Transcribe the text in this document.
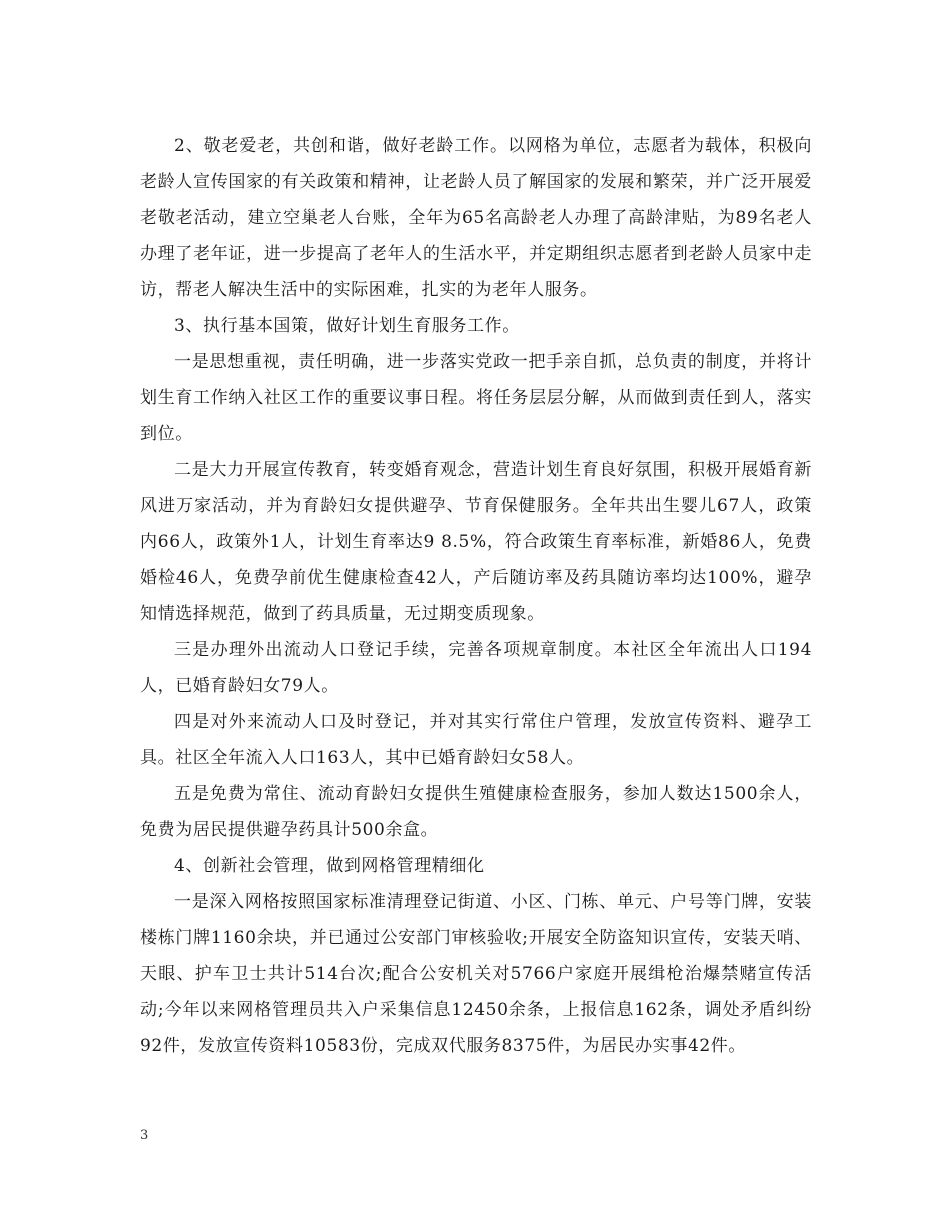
2、敬老爱老，共创和谐，做好老龄工作。以网格为单位，志愿者为载体，积极向老龄人宣传国家的有关政策和精神，让老龄人员了解国家的发展和繁荣，并广泛开展爱老敬老活动，建立空巢老人台账，全年为65名高龄老人办理了高龄津贴，为89名老人办理了老年证，进一步提高了老年人的生活水平，并定期组织志愿者到老龄人员家中走访，帮老人解决生活中的实际困难，扎实的为老年人服务。

3、执行基本国策，做好计划生育服务工作。

一是思想重视，责任明确，进一步落实党政一把手亲自抓，总负责的制度，并将计划生育工作纳入社区工作的重要议事日程。将任务层层分解，从而做到责任到人，落实到位。

二是大力开展宣传教育，转变婚育观念，营造计划生育良好氛围，积极开展婚育新风进万家活动，并为育龄妇女提供避孕、节育保健服务。全年共出生婴儿67人，政策内66人，政策外1人，计划生育率达9 8.5%，符合政策生育率标准，新婚86人，免费婚检46人，免费孕前优生健康检查42人，产后随访率及药具随访率均达100%，避孕知情选择规范，做到了药具质量，无过期变质现象。

三是办理外出流动人口登记手续，完善各项规章制度。本社区全年流出人口194人，已婚育龄妇女79人。

四是对外来流动人口及时登记，并对其实行常住户管理，发放宣传资料、避孕工具。社区全年流入人口163人，其中已婚育龄妇女58人。

五是免费为常住、流动育龄妇女提供生殖健康检查服务，参加人数达1500余人，免费为居民提供避孕药具计500余盒。

4、创新社会管理，做到网格管理精细化

一是深入网格按照国家标准清理登记街道、小区、门栋、单元、户号等门牌，安装楼栋门牌1160余块，并已通过公安部门审核验收;开展安全防盗知识宣传，安装天哨、天眼、护车卫士共计514台次;配合公安机关对5766户家庭开展缉枪治爆禁赌宣传活动;今年以来网格管理员共入户采集信息12450余条，上报信息162条，调处矛盾纠纷92件，发放宣传资料10583份，完成双代服务8375件，为居民办实事42件。

3
